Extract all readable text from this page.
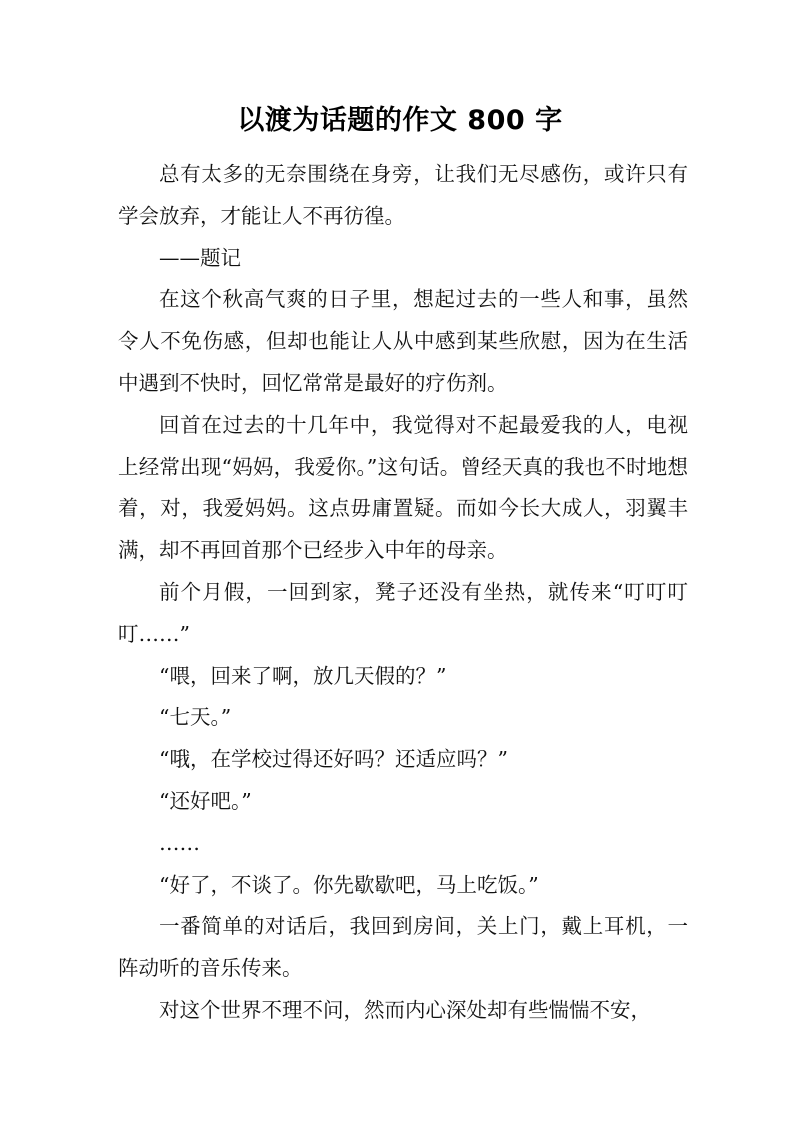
以渡为话题的作文 800 字

总有太多的无奈围绕在身旁，让我们无尽感伤，或许只有学会放弃，才能让人不再彷徨。

——题记

在这个秋高气爽的日子里，想起过去的一些人和事，虽然令人不免伤感，但却也能让人从中感到某些欣慰，因为在生活中遇到不快时，回忆常常是最好的疗伤剂。

回首在过去的十几年中，我觉得对不起最爱我的人，电视上经常出现“妈妈，我爱你。”这句话。曾经天真的我也不时地想着，对，我爱妈妈。这点毋庸置疑。而如今长大成人，羽翼丰满，却不再回首那个已经步入中年的母亲。

前个月假，一回到家，凳子还没有坐热，就传来“叮叮叮叮……”

“喂，回来了啊，放几天假的？”

“七天。”

“哦，在学校过得还好吗？还适应吗？”

“还好吧。”

……

“好了，不谈了。你先歇歇吧，马上吃饭。”

一番简单的对话后，我回到房间，关上门，戴上耳机，一阵动听的音乐传来。

对这个世界不理不问，然而内心深处却有些惴惴不安，
